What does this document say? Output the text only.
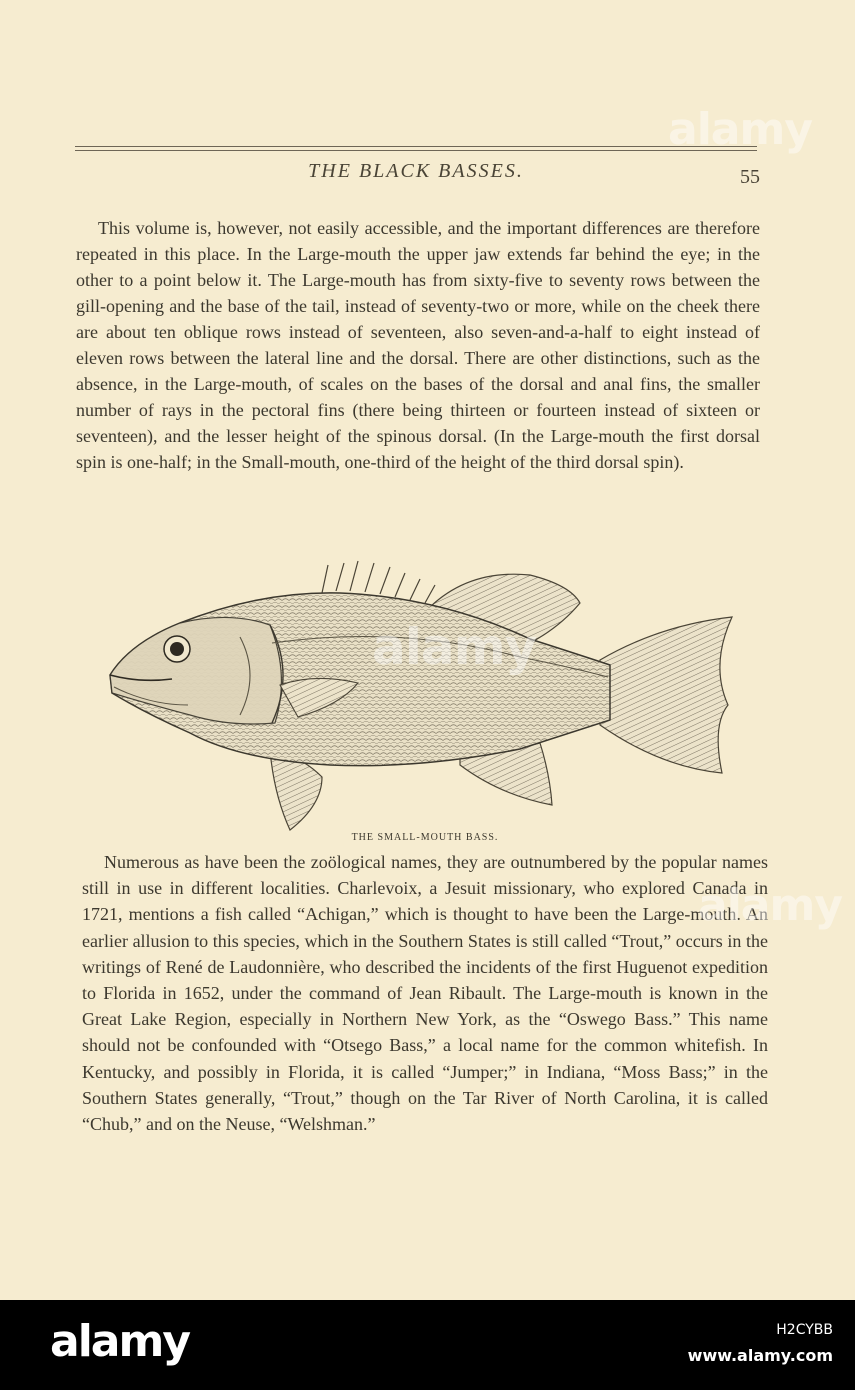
THE BLACK BASSES.	55

This volume is, however, not easily accessible, and the important differences are therefore repeated in this place. In the Large-mouth the upper jaw extends far behind the eye; in the other to a point below it. The Large-mouth has from sixty-five to seventy rows between the gill-opening and the base of the tail, instead of seventy-two or more, while on the cheek there are about ten oblique rows instead of seventeen, also seven-and-a-half to eight instead of eleven rows between the lateral line and the dorsal. There are other distinctions, such as the absence, in the Large-mouth, of scales on the bases of the dorsal and anal fins, the smaller number of rays in the pectoral fins (there being thirteen or fourteen instead of sixteen or seventeen), and the lesser height of the spinous dorsal. (In the Large-mouth the first dorsal spin is one-half; in the Small-mouth, one-third of the height of the third dorsal spin).

THE SMALL-MOUTH BASS.

Numerous as have been the zoölogical names, they are outnumbered by the popular names still in use in different localities. Charlevoix, a Jesuit missionary, who explored Canada in 1721, mentions a fish called “Achigan,” which is thought to have been the Large-mouth. An earlier allusion to this species, which in the Southern States is still called “Trout,” occurs in the writings of René de Laudonnière, who described the incidents of the first Huguenot expedition to Florida in 1652, under the command of Jean Ribault. The Large-mouth is known in the Great Lake Region, especially in Northern New York, as the “Oswego Bass.” This name should not be confounded with “Otsego Bass,” a local name for the common whitefish. In Kentucky, and possibly in Florida, it is called “Jumper;” in Indiana, “Moss Bass;” in the Southern States generally, “Trout,” though on the Tar River of North Carolina, it is called “Chub,” and on the Neuse, “Welshman.”

alamy
alamy
alamy
alamy	H2CYBB
www.alamy.com
